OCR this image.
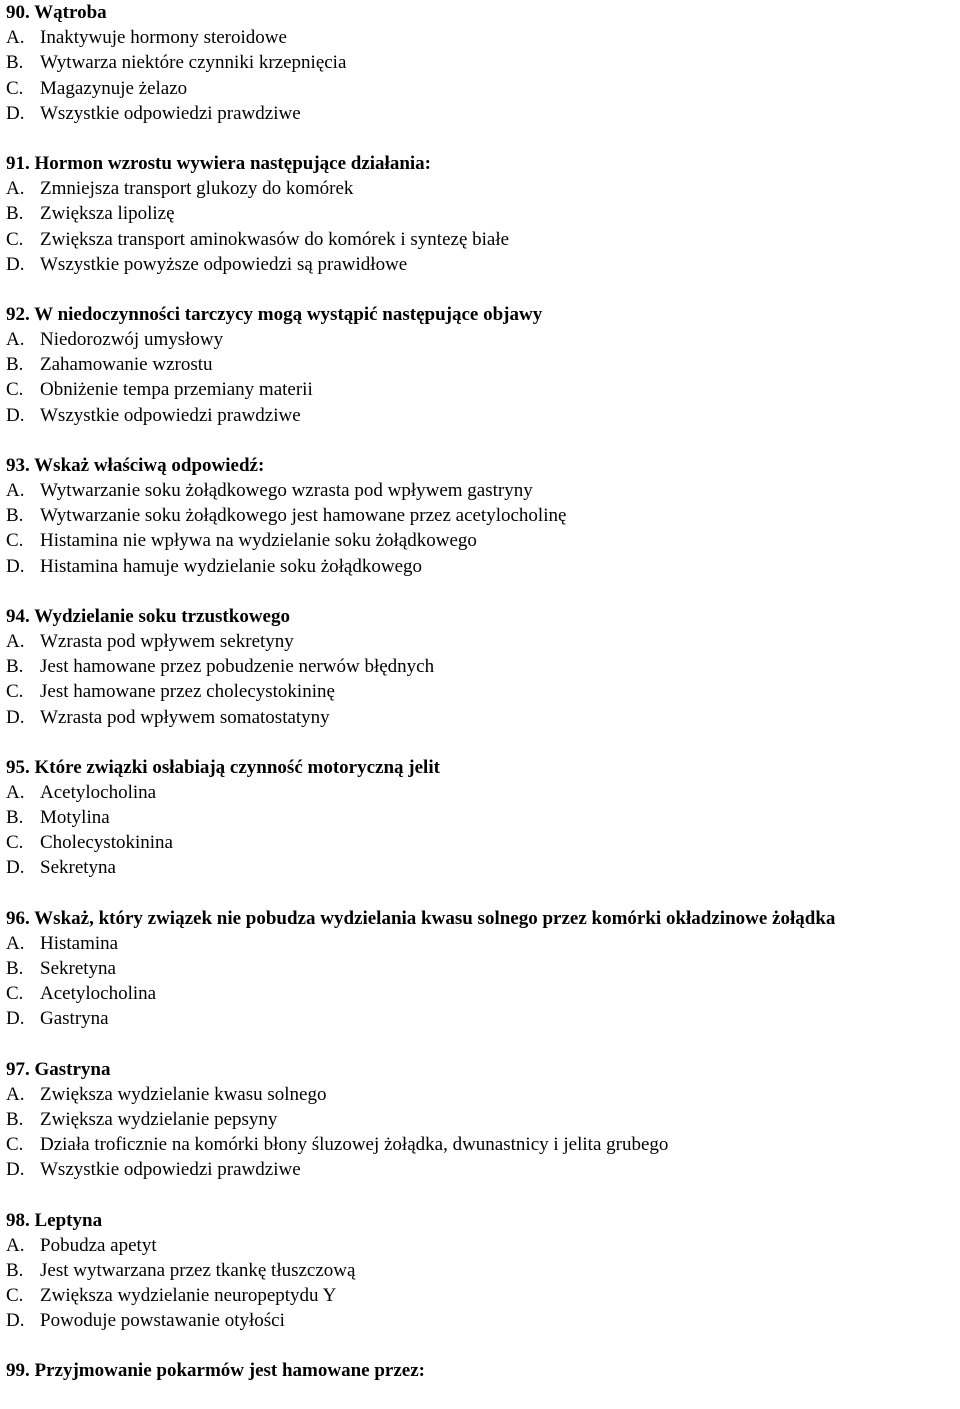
90. Wątroba
A. Inaktywuje hormony steroidowe
B. Wytwarza niektóre czynniki krzepnięcia
C. Magazynuje żelazo
D. Wszystkie odpowiedzi prawdziwe
91. Hormon wzrostu wywiera następujące działania:
A. Zmniejsza transport glukozy do komórek
B. Zwiększa lipolizę
C. Zwiększa transport aminokwasów do komórek i syntezę białe
D. Wszystkie powyższe odpowiedzi są prawidłowe
92. W niedoczynności tarczycy mogą wystąpić następujące objawy
A. Niedorozwój umysłowy
B. Zahamowanie wzrostu
C. Obniżenie tempa przemiany materii
D. Wszystkie odpowiedzi prawdziwe
93. Wskaż właściwą odpowiedź:
A. Wytwarzanie soku żołądkowego wzrasta pod wpływem gastryny
B. Wytwarzanie soku żołądkowego jest hamowane przez acetylocholinę
C. Histamina nie wpływa na wydzielanie soku żołądkowego
D. Histamina hamuje wydzielanie soku żołądkowego
94. Wydzielanie soku trzustkowego
A. Wzrasta pod wpływem sekretyny
B. Jest hamowane przez pobudzenie nerwów błędnych
C. Jest hamowane przez cholecystokininę
D. Wzrasta pod wpływem somatostatyny
95. Które związki osłabiają czynność motoryczną jelit
A. Acetylocholina
B. Motylina
C. Cholecystokinina
D. Sekretyna
96. Wskaż, który związek nie pobudza wydzielania kwasu solnego przez komórki okładzinowe żołądka
A. Histamina
B. Sekretyna
C. Acetylocholina
D. Gastryna
97. Gastryna
A. Zwiększa wydzielanie kwasu solnego
B. Zwiększa wydzielanie pepsyny
C. Działa troficznie na komórki błony śluzowej żołądka, dwunastnicy i jelita grubego
D. Wszystkie odpowiedzi prawdziwe
98. Leptyna
A. Pobudza apetyt
B. Jest wytwarzana przez tkankę tłuszczową
C. Zwiększa wydzielanie neuropeptydu Y
D. Powoduje powstawanie otyłości
99. Przyjmowanie pokarmów jest hamowane przez:
